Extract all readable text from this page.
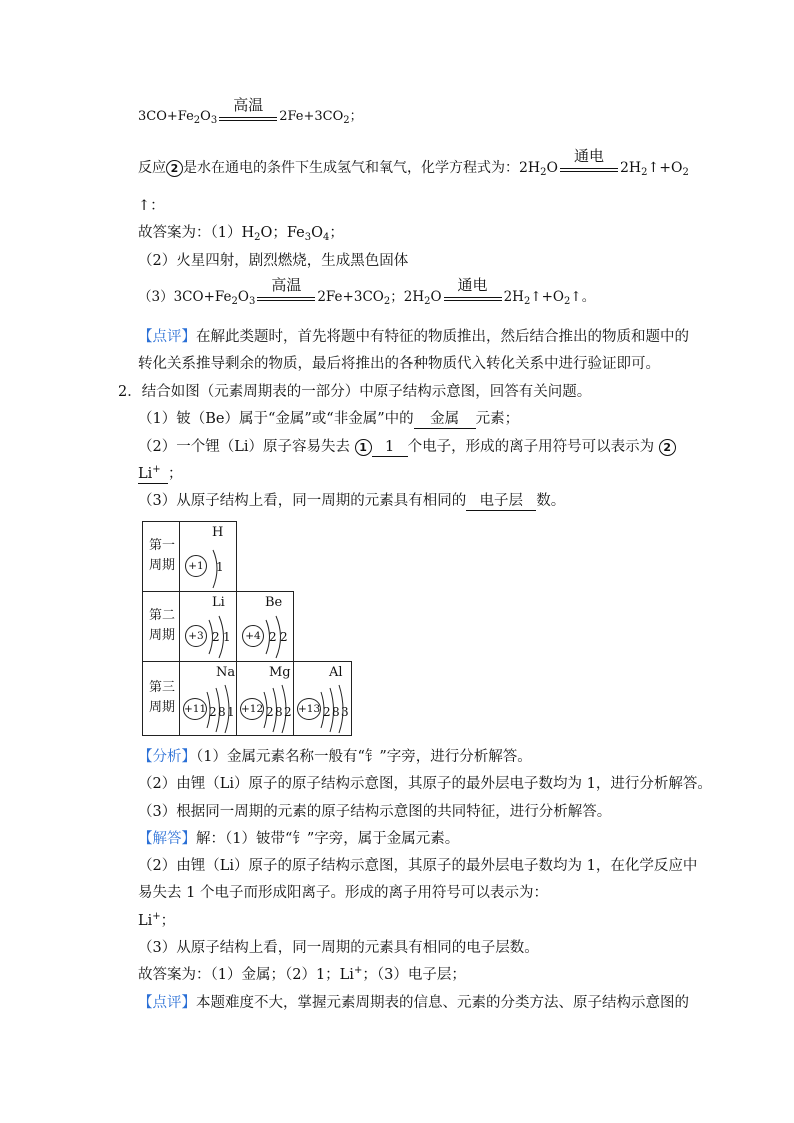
$3CO+Fe_2O_3$
高温
$2Fe+3CO_2$；
反应 2 是水在通电的条件下生成氢气和氧气，化学方程式为：$2H_2O$
通电
$2H_2↑+O_2$
↑：
故答案为：$(1)H_2O$；$Fe_3O_4$；
（2）火星四射，剧烈燃烧，生成黑色固体
$(3)3CO+Fe_2O_3$
高温
$2Fe+3CO_2$；$2H_2O$
通电
$2H_2↑+O_2↑$。
【点评】在解此类题时，首先将题中有特征的物质推出，然后结合推出的物质和题中的
转化关系推导剩余的物质，最后将推出的各种物质代入转化关系中进行验证即可。
2．结合如图（元素周期表的一部分）中原子结构示意图，回答有关问题。
（1）铍（Be）属于“金属”或“非金属”中的 金属 元素；
（2）一个锂（Li）原子容易失去 1 1 个电子，形成的离子用符号可以表示为 2
Li+ ；
（3）从原子结构上看，同一周期的元素具有相同的 电子层 数。
第一
周期
H
+1 1
第二
周期
Li
+3 2 1
Be
+4 2 2
第三
周期
Na
+11 2 8 1
Mg
+12 2 8 2
Al
+13 2 8 3
【分析】（1）金属元素名称一般有“钅”字旁，进行分析解答。
（2）由锂（Li）原子的原子结构示意图，其原子的最外层电子数均为 1，进行分析解答。
（3）根据同一周期的元素的原子结构示意图的共同特征，进行分析解答。
【解答】解：（1）铍带“钅”字旁，属于金属元素。
（2）由锂（Li）原子的原子结构示意图，其原子的最外层电子数均为 1，在化学反应中
易失去 1 个电子而形成阳离子。形成的离子用符号可以表示为：
Li+；
（3）从原子结构上看，同一周期的元素具有相同的电子层数。
故答案为：（1）金属；（2）1；Li+；（3）电子层；
【点评】本题难度不大，掌握元素周期表的信息、元素的分类方法、原子结构示意图的
